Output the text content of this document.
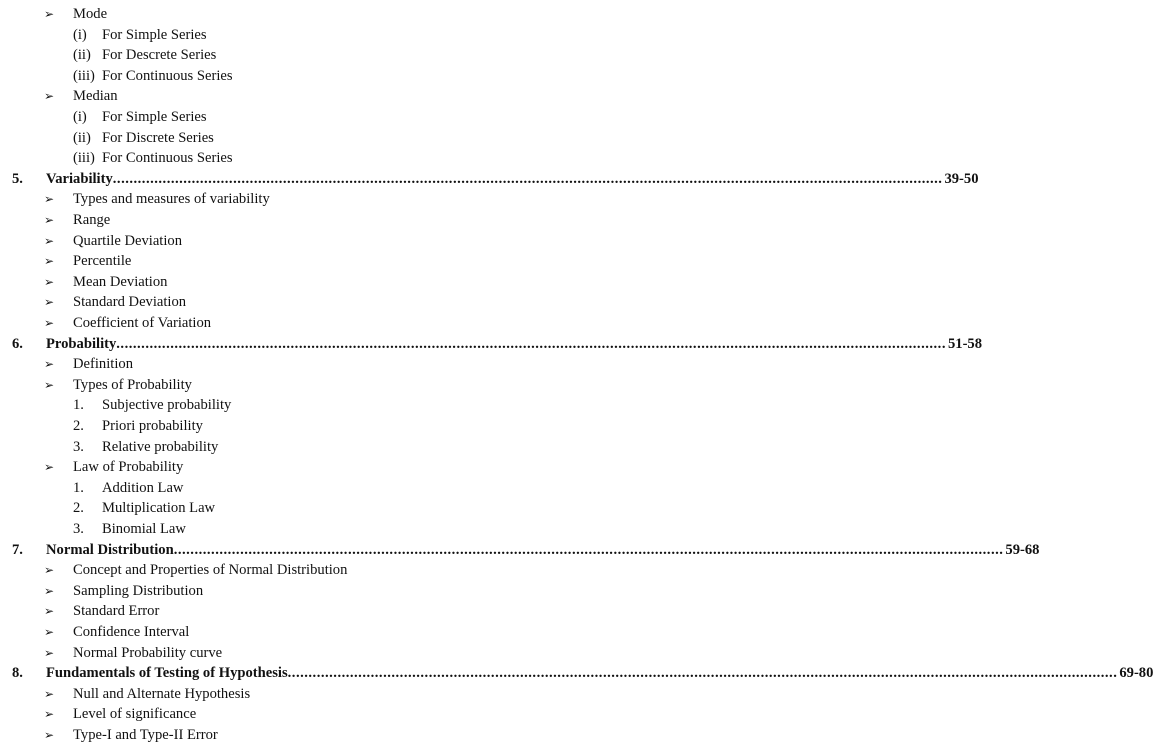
➢ Mode
(i) For Simple Series
(ii) For Descrete Series
(iii) For Continuous Series
➢ Median
(i) For Simple Series
(ii) For Discrete Series
(iii) For Continuous Series
5. Variability ........................................................................................................................................................................................................ 39-50
➢ Types and measures of variability
➢ Range
➢ Quartile Deviation
➢ Percentile
➢ Mean Deviation
➢ Standard Deviation
➢ Coefficient of Variation
6. Probability ........................................................................................................................................................................................................ 51-58
➢ Definition
➢ Types of Probability
1. Subjective probability
2. Priori probability
3. Relative probability
➢ Law of Probability
1. Addition Law
2. Multiplication Law
3. Binomial Law
7. Normal Distribution ........................................................................................................................................................................................................ 59-68
➢ Concept and Properties of Normal Distribution
➢ Sampling Distribution
➢ Standard Error
➢ Confidence Interval
➢ Normal Probability curve
8. Fundamentals of Testing of Hypothesis ........................................................................................................................................................................................................ 69-80
➢ Null and Alternate Hypothesis
➢ Level of significance
➢ Type-I and Type-II Error
